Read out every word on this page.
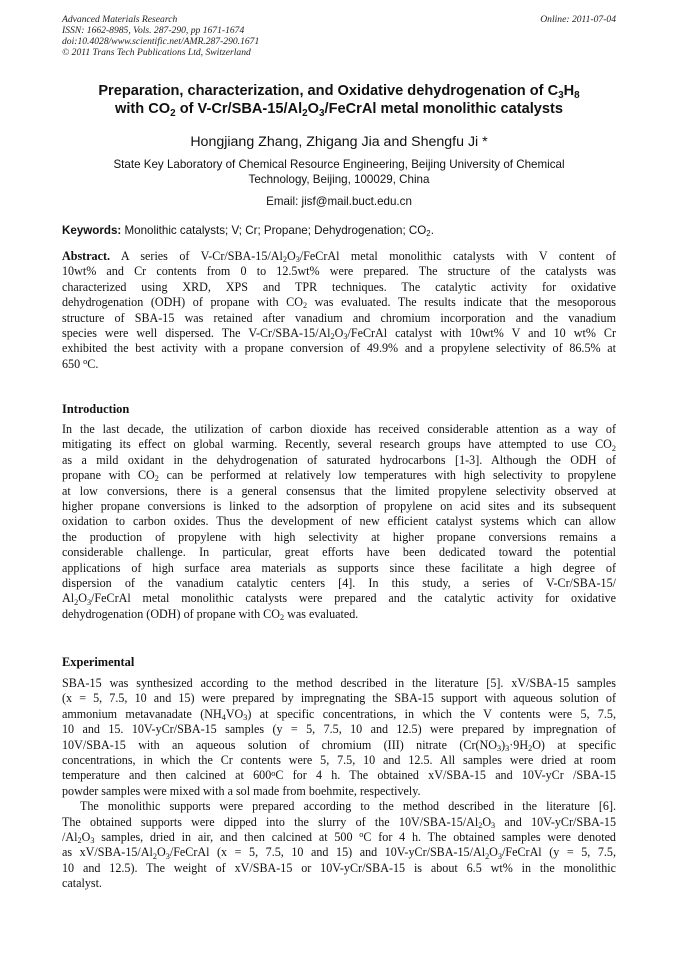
Advanced Materials Research
ISSN: 1662-8985, Vols. 287-290, pp 1671-1674
doi:10.4028/www.scientific.net/AMR.287-290.1671
© 2011 Trans Tech Publications Ltd, Switzerland
Online: 2011-07-04
Preparation, characterization, and Oxidative dehydrogenation of $C_3H_8$
with $CO_2$ of $V-Cr/SBA-15/Al_2O_3$/FeCrAl metal monolithic catalysts
Hongjiang Zhang, Zhigang Jia and Shengfu Ji *
State Key Laboratory of Chemical Resource Engineering, Beijing University of Chemical
Technology, Beijing, 100029, China
Email: jisf@mail.buct.edu.cn
Keywords: Monolithic catalysts; V; Cr; Propane; Dehydrogenation; $CO_2$.
Abstract. A series of $V-Cr/SBA-15/Al_2O_3$/FeCrAl metal monolithic catalysts with V content of
10wt% and Cr contents from 0 to 12.5wt% were prepared. The structure of the catalysts was
characterized using XRD, XPS and TPR techniques. The catalytic activity for oxidative
dehydrogenation (ODH) of propane with $CO_2$ was evaluated. The results indicate that the mesoporous
structure of SBA-15 was retained after vanadium and chromium incorporation and the vanadium
species were well dispersed. The $V-Cr/SBA-15/Al_2O_3$/FeCrAl catalyst with 10wt% V and 10 wt% Cr
exhibited the best activity with a propane conversion of 49.9% and a propylene selectivity of 86.5% at
650 $^o$C.
Introduction
In the last decade, the utilization of carbon dioxide has received considerable attention as a way of
mitigating its effect on global warming. Recently, several research groups have attempted to use $CO_2$
as a mild oxidant in the dehydrogenation of saturated hydrocarbons [1-3]. Although the ODH of
propane with $CO_2$ can be performed at relatively low temperatures with high selectivity to propylene
at low conversions, there is a general consensus that the limited propylene selectivity observed at
higher propane conversions is linked to the adsorption of propylene on acid sites and its subsequent
oxidation to carbon oxides. Thus the development of new efficient catalyst systems which can allow
the production of propylene with high selectivity at higher propane conversions remains a
considerable challenge. In particular, great efforts have been dedicated toward the potential
applications of high surface area materials as supports since these facilitate a high degree of
dispersion of the vanadium catalytic centers [4]. In this study, a series of V-Cr/SBA-15/
$Al_2O_3$/FeCrAl metal monolithic catalysts were prepared and the catalytic activity for oxidative
dehydrogenation (ODH) of propane with $CO_2$ was evaluated.
Experimental
SBA-15 was synthesized according to the method described in the literature [5]. xV/SBA-15 samples
(x = 5, 7.5, 10 and 15) were prepared by impregnating the SBA-15 support with aqueous solution of
ammonium metavanadate $(NH_4VO_3)$ at specific concentrations, in which the V contents were 5, 7.5,
10 and 15. 10V-yCr/SBA-15 samples (y = 5, 7.5, 10 and 12.5) were prepared by impregnation of
10V/SBA-15 with an aqueous solution of chromium (III) nitrate $(Cr(NO_3)_3\cdot 9H_2O)$ at specific
concentrations, in which the Cr contents were 5, 7.5, 10 and 12.5. All samples were dried at room
temperature and then calcined at 600$^o$C for 4 h. The obtained xV/SBA-15 and 10V-yCr /SBA-15
powder samples were mixed with a sol made from boehmite, respectively.
The monolithic supports were prepared according to the method described in the literature [6].
The obtained supports were dipped into the slurry of the $10V/SBA-15/Al_2O_3$ and 10V-yCr/SBA-15
$/Al_2O_3$ samples, dried in air, and then calcined at 500 $^o$C for 4 h. The obtained samples were denoted
as $xV/SBA-15/Al_2O_3$/FeCrAl (x = 5, 7.5, 10 and 15) and $10V-yCr/SBA-15/Al_2O_3$/FeCrAl (y = 5, 7.5,
10 and 12.5). The weight of xV/SBA-15 or 10V-yCr/SBA-15 is about 6.5 wt% in the monolithic
catalyst.
